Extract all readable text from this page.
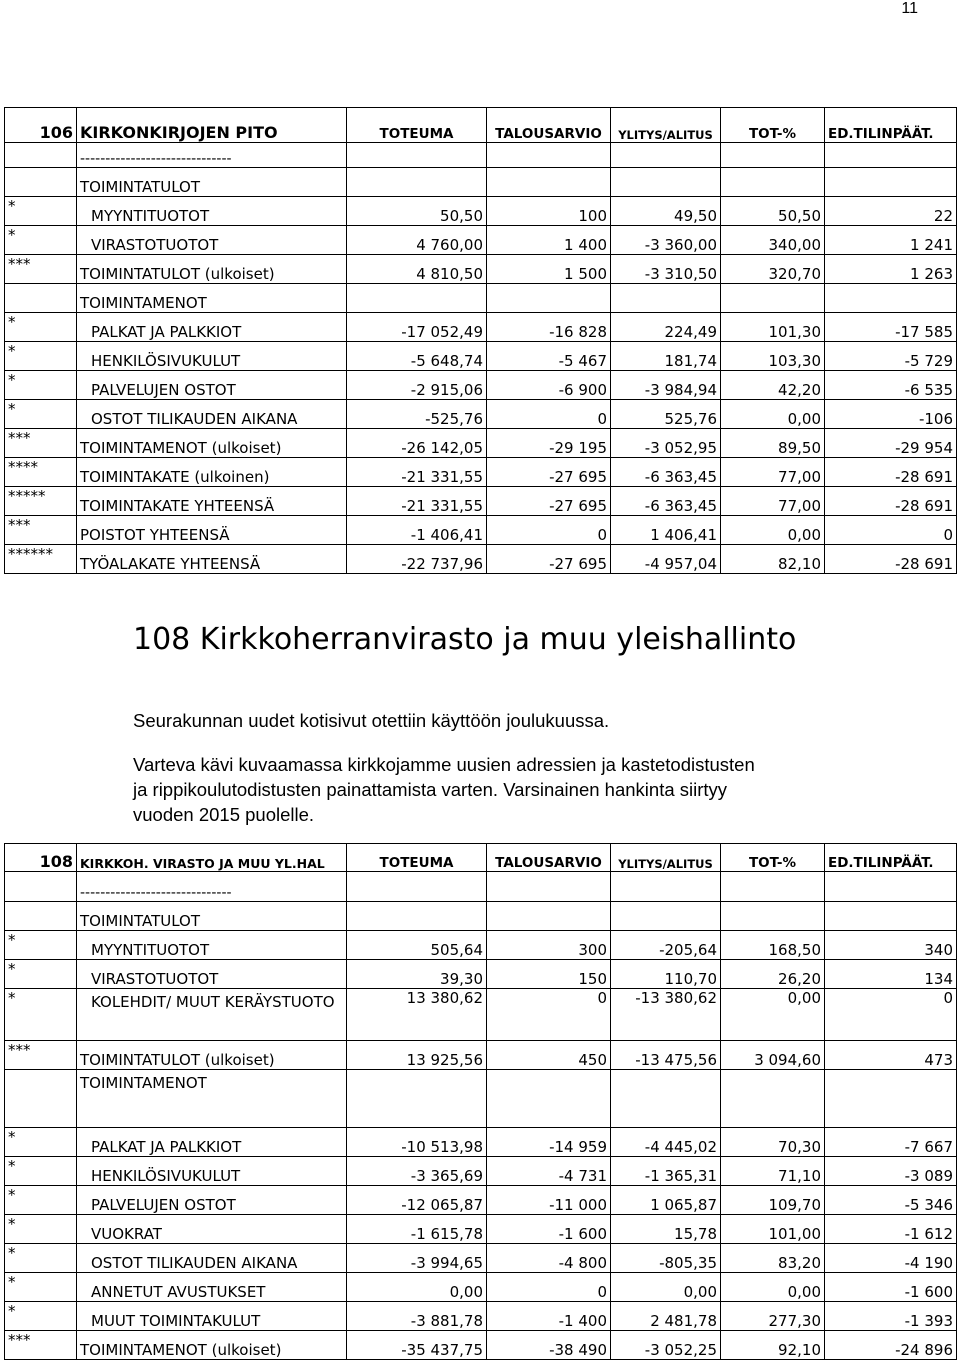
11
106	KIRKONKIRJOJEN PITO	TOTEUMA	TALOUSARVIO	YLITYS/ALITUS	TOT-%	ED.TILINPÄÄT.
	------------------------------					
	TOIMINTATULOT					
*	MYYNTITUOTOT	50,50	100	49,50	50,50	22
*	VIRASTOTUOTOT	4 760,00	1 400	-3 360,00	340,00	1 241
***	TOIMINTATULOT (ulkoiset)	4 810,50	1 500	-3 310,50	320,70	1 263
	TOIMINTAMENOT					
*	PALKAT JA PALKKIOT	-17 052,49	-16 828	224,49	101,30	-17 585
*	HENKILÖSIVUKULUT	-5 648,74	-5 467	181,74	103,30	-5 729
*	PALVELUJEN OSTOT	-2 915,06	-6 900	-3 984,94	42,20	-6 535
*	OSTOT TILIKAUDEN AIKANA	-525,76	0	525,76	0,00	-106
***	TOIMINTAMENOT (ulkoiset)	-26 142,05	-29 195	-3 052,95	89,50	-29 954
****	TOIMINTAKATE (ulkoinen)	-21 331,55	-27 695	-6 363,45	77,00	-28 691
*****	TOIMINTAKATE YHTEENSÄ	-21 331,55	-27 695	-6 363,45	77,00	-28 691
***	POISTOT YHTEENSÄ	-1 406,41	0	1 406,41	0,00	0
******	TYÖALAKATE YHTEENSÄ	-22 737,96	-27 695	-4 957,04	82,10	-28 691
108 Kirkkoherranvirasto ja muu yleishallinto
Seurakunnan uudet kotisivut otettiin käyttöön joulukuussa.
Varteva kävi kuvaamassa kirkkojamme uusien adressien ja kastetodistusten
ja rippikoulutodistusten painattamista varten. Varsinainen hankinta siirtyy
vuoden 2015 puolelle.
108	KIRKKOH. VIRASTO JA MUU YL.HAL	TOTEUMA	TALOUSARVIO	YLITYS/ALITUS	TOT-%	ED.TILINPÄÄT.
	------------------------------					
	TOIMINTATULOT					
*	MYYNTITUOTOT	505,64	300	-205,64	168,50	340
*	VIRASTOTUOTOT	39,30	150	110,70	26,20	134
*	KOLEHDIT/ MUUT KERÄYSTUOTO	13 380,62	0	-13 380,62	0,00	0
***	TOIMINTATULOT (ulkoiset)	13 925,56	450	-13 475,56	3 094,60	473
	TOIMINTAMENOT					
*	PALKAT JA PALKKIOT	-10 513,98	-14 959	-4 445,02	70,30	-7 667
*	HENKILÖSIVUKULUT	-3 365,69	-4 731	-1 365,31	71,10	-3 089
*	PALVELUJEN OSTOT	-12 065,87	-11 000	1 065,87	109,70	-5 346
*	VUOKRAT	-1 615,78	-1 600	15,78	101,00	-1 612
*	OSTOT TILIKAUDEN AIKANA	-3 994,65	-4 800	-805,35	83,20	-4 190
*	ANNETUT AVUSTUKSET	0,00	0	0,00	0,00	-1 600
*	MUUT TOIMINTAKULUT	-3 881,78	-1 400	2 481,78	277,30	-1 393
***	TOIMINTAMENOT (ulkoiset)	-35 437,75	-38 490	-3 052,25	92,10	-24 896
